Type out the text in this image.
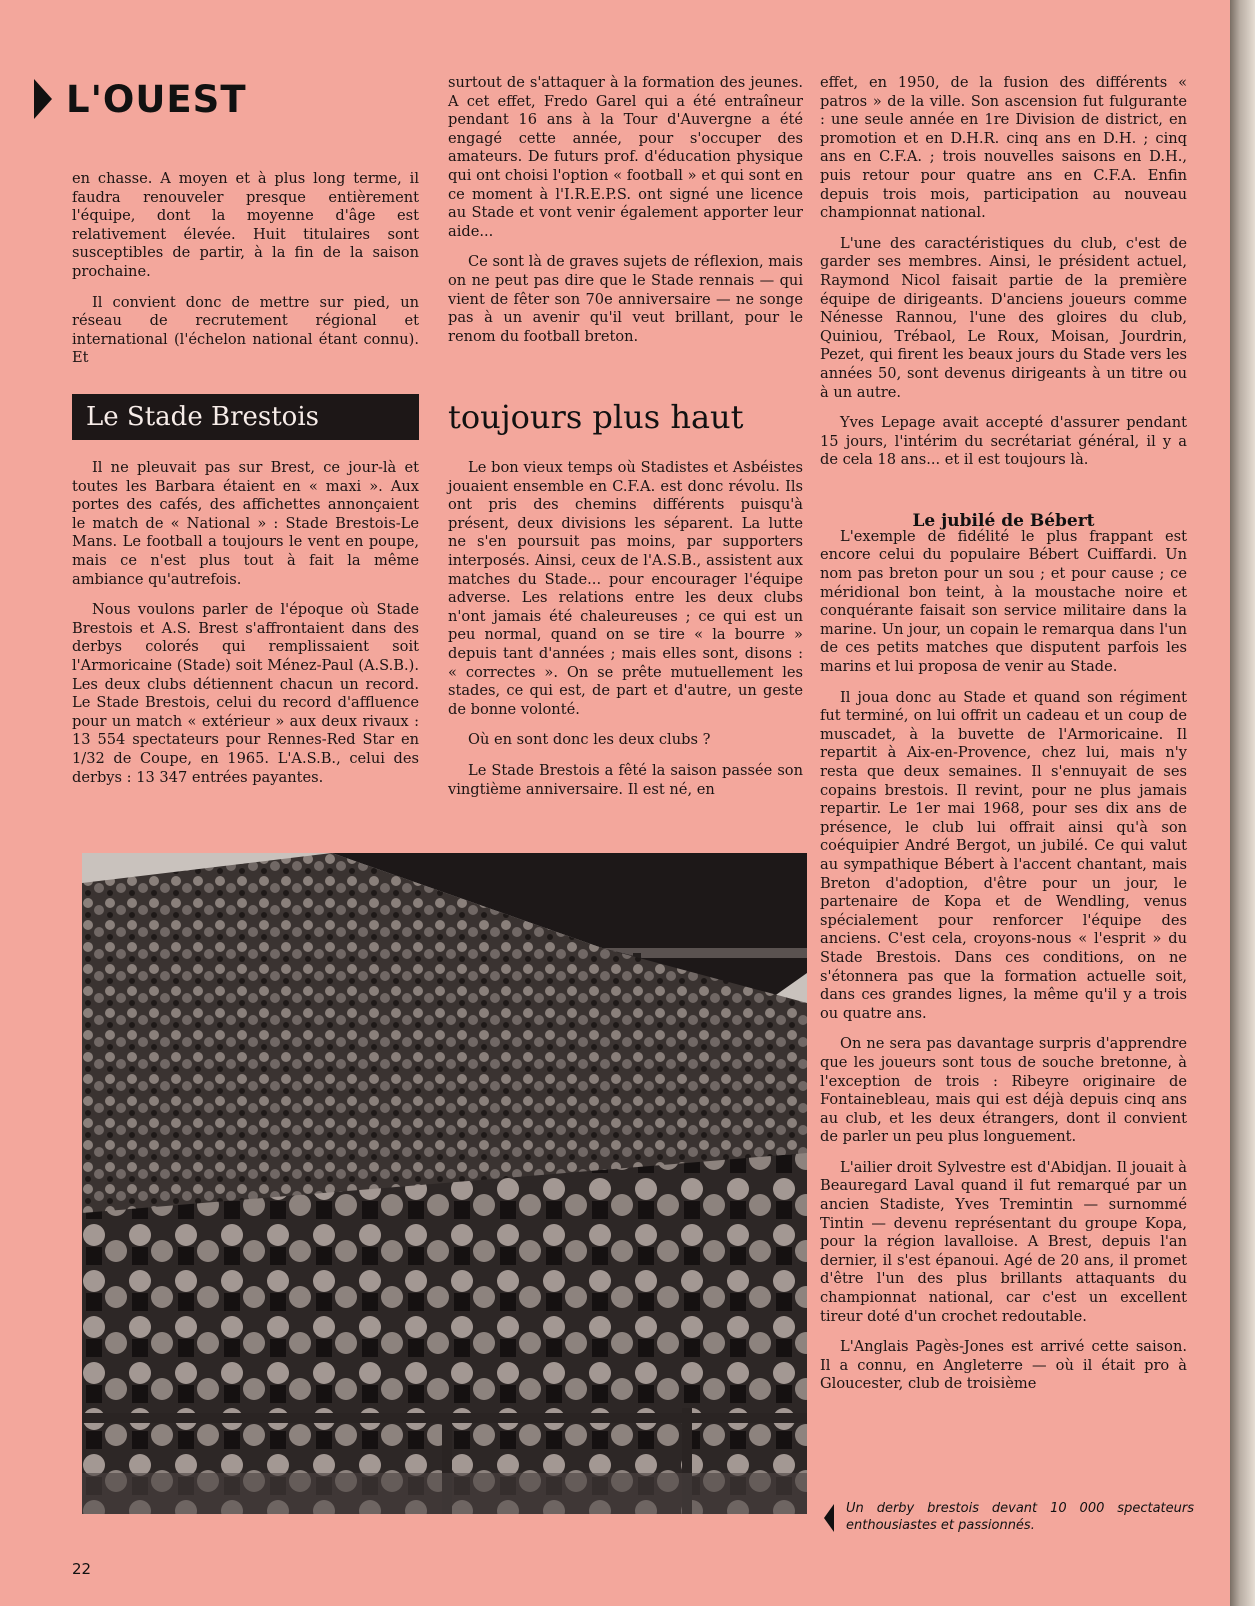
L'OUEST

en chasse. A moyen et à plus long terme, il faudra renouveler presque entièrement l'équipe, dont la moyenne d'âge est relativement élevée. Huit titulaires sont susceptibles de partir, à la fin de la saison prochaine.

Il convient donc de mettre sur pied, un réseau de recrutement régional et international (l'échelon national étant connu). Et

surtout de s'attaquer à la formation des jeunes. A cet effet, Fredo Garel qui a été entraîneur pendant 16 ans à la Tour d'Auvergne a été engagé cette année, pour s'occuper des amateurs. De futurs prof. d'éducation physique qui ont choisi l'option « football » et qui sont en ce moment à l'I.R.E.P.S. ont signé une licence au Stade et vont venir également apporter leur aide...

Ce sont là de graves sujets de réflexion, mais on ne peut pas dire que le Stade rennais — qui vient de fêter son 70e anniversaire — ne songe pas à un avenir qu'il veut brillant, pour le renom du football breton.

Le Stade Brestois	toujours plus haut

Il ne pleuvait pas sur Brest, ce jour-là et toutes les Barbara étaient en « maxi ». Aux portes des cafés, des affichettes annonçaient le match de « National » : Stade Brestois-Le Mans. Le football a toujours le vent en poupe, mais ce n'est plus tout à fait la même ambiance qu'autrefois.

Nous voulons parler de l'époque où Stade Brestois et A.S. Brest s'affrontaient dans des derbys colorés qui remplissaient soit l'Armoricaine (Stade) soit Ménez-Paul (A.S.B.). Les deux clubs détiennent chacun un record. Le Stade Brestois, celui du record d'affluence pour un match « extérieur » aux deux rivaux : 13 554 spectateurs pour Rennes-Red Star en 1/32 de Coupe, en 1965. L'A.S.B., celui des derbys : 13 347 entrées payantes.

Le bon vieux temps où Stadistes et Asbéistes jouaient ensemble en C.F.A. est donc révolu. Ils ont pris des chemins différents puisqu'à présent, deux divisions les séparent. La lutte ne s'en poursuit pas moins, par supporters interposés. Ainsi, ceux de l'A.S.B., assistent aux matches du Stade... pour encourager l'équipe adverse. Les relations entre les deux clubs n'ont jamais été chaleureuses ; ce qui est un peu normal, quand on se tire « la bourre » depuis tant d'années ; mais elles sont, disons : « correctes ». On se prête mutuellement les stades, ce qui est, de part et d'autre, un geste de bonne volonté.

Où en sont donc les deux clubs ?

Le Stade Brestois a fêté la saison passée son vingtième anniversaire. Il est né, en

effet, en 1950, de la fusion des différents « patros » de la ville. Son ascension fut fulgurante : une seule année en 1re Division de district, en promotion et en D.H.R. cinq ans en D.H. ; cinq ans en C.F.A. ; trois nouvelles saisons en D.H., puis retour pour quatre ans en C.F.A. Enfin depuis trois mois, participation au nouveau championnat national.

L'une des caractéristiques du club, c'est de garder ses membres. Ainsi, le président actuel, Raymond Nicol faisait partie de la première équipe de dirigeants. D'anciens joueurs comme Nénesse Rannou, l'une des gloires du club, Quiniou, Trébaol, Le Roux, Moisan, Jourdrin, Pezet, qui firent les beaux jours du Stade vers les années 50, sont devenus dirigeants à un titre ou à un autre.

Yves Lepage avait accepté d'assurer pendant 15 jours, l'intérim du secrétariat général, il y a de cela 18 ans... et il est toujours là.

L'exemple de fidélité le plus frappant est encore celui du populaire Bébert Cuiffardi. Un nom pas breton pour un sou ; et pour cause ; ce méridional bon teint, à la moustache noire et conquérante faisait son service militaire dans la marine. Un jour, un copain le remarqua dans l'un de ces petits matches que disputent parfois les marins et lui proposa de venir au Stade.

Il joua donc au Stade et quand son régiment fut terminé, on lui offrit un cadeau et un coup de muscadet, à la buvette de l'Armoricaine. Il repartit à Aix-en-Provence, chez lui, mais n'y resta que deux semaines. Il s'ennuyait de ses copains brestois. Il revint, pour ne plus jamais repartir. Le 1er mai 1968, pour ses dix ans de présence, le club lui offrait ainsi qu'à son coéquipier André Bergot, un jubilé. Ce qui valut au sympathique Bébert à l'accent chantant, mais Breton d'adoption, d'être pour un jour, le partenaire de Kopa et de Wendling, venus spécialement pour renforcer l'équipe des anciens. C'est cela, croyons-nous « l'esprit » du Stade Brestois. Dans ces conditions, on ne s'étonnera pas que la formation actuelle soit, dans ces grandes lignes, la même qu'il y a trois ou quatre ans.

On ne sera pas davantage surpris d'apprendre que les joueurs sont tous de souche bretonne, à l'exception de trois : Ribeyre originaire de Fontainebleau, mais qui est déjà depuis cinq ans au club, et les deux étrangers, dont il convient de parler un peu plus longuement.

L'ailier droit Sylvestre est d'Abidjan. Il jouait à Beauregard Laval quand il fut remarqué par un ancien Stadiste, Yves Tremintin — surnommé Tintin — devenu représentant du groupe Kopa, pour la région lavalloise. A Brest, depuis l'an dernier, il s'est épanoui. Agé de 20 ans, il promet d'être l'un des plus brillants attaquants du championnat national, car c'est un excellent tireur doté d'un crochet redoutable.

L'Anglais Pagès-Jones est arrivé cette saison. Il a connu, en Angleterre — où il était pro à Gloucester, club de troisième

Le jubilé de Bébert
Un derby brestois devant 10 000 spectateurs enthousiastes et passionnés.
22
